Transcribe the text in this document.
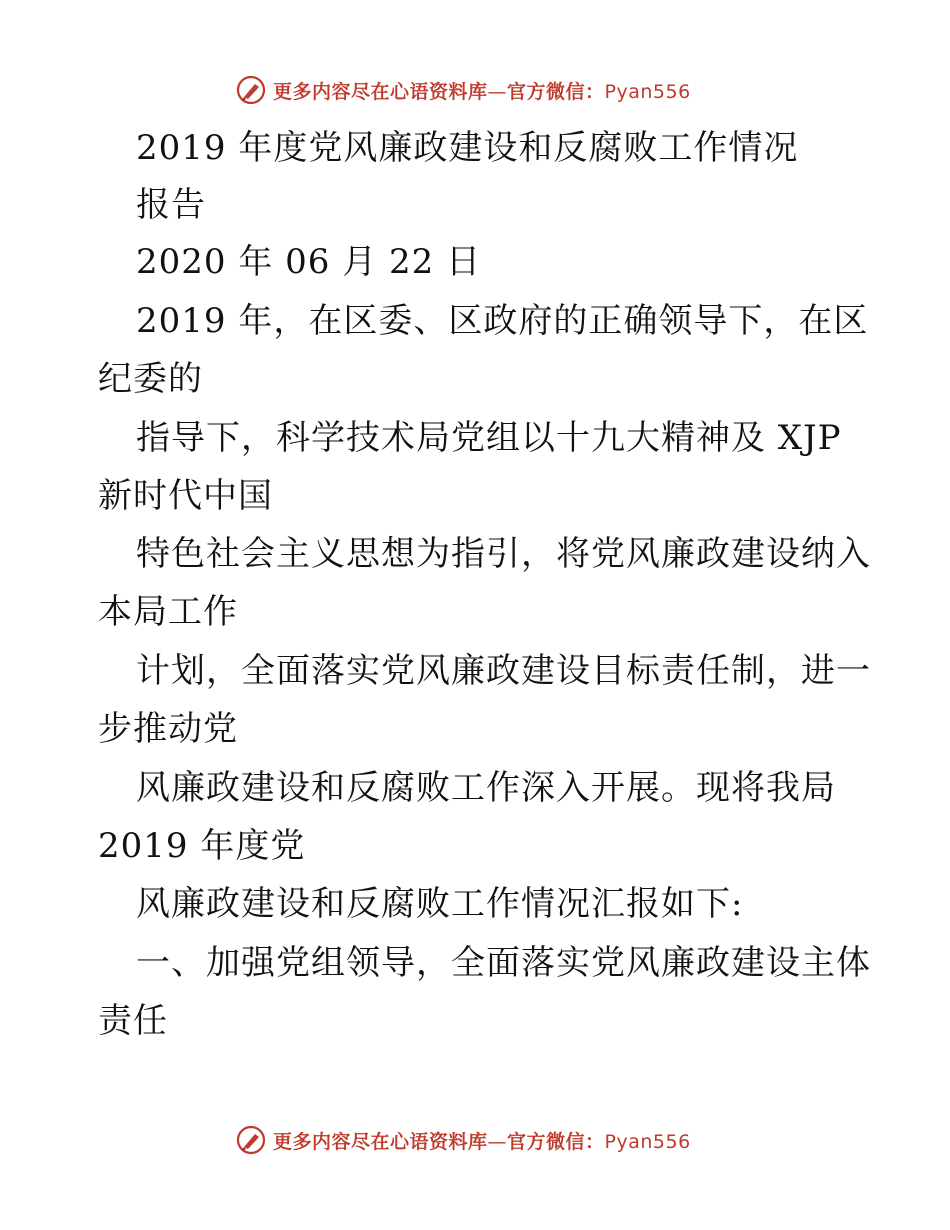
更多内容尽在心语资料库—官方微信：Pyan556
2019 年度党风廉政建设和反腐败工作情况
报告
2020 年 06 月 22 日
2019 年，在区委、区政府的正确领导下，在区
纪委的
指导下，科学技术局党组以十九大精神及 XJP
新时代中国
特色社会主义思想为指引，将党风廉政建设纳入
本局工作
计划，全面落实党风廉政建设目标责任制，进一
步推动党
风廉政建设和反腐败工作深入开展。现将我局
2019 年度党
风廉政建设和反腐败工作情况汇报如下:
一、加强党组领导，全面落实党风廉政建设主体
责任
更多内容尽在心语资料库—官方微信：Pyan556
